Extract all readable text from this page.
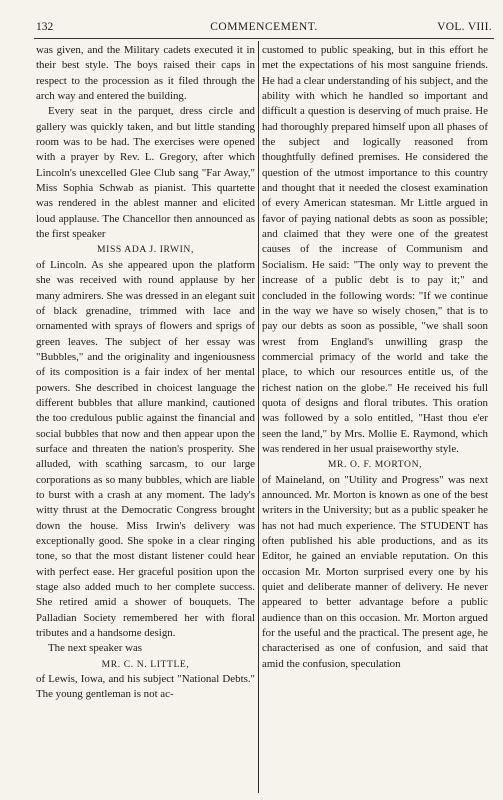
132	COMMENCEMENT.	VOL. VIII.

was given, and the Military cadets executed it in their best style. The boys raised their caps in respect to the procession as it filed through the arch way and entered the building.

Every seat in the parquet, dress circle and gallery was quickly taken, and but little standing room was to be had. The exercises were opened with a prayer by Rev. L. Gregory, after which Lincoln's unexcelled Glee Club sang "Far Away," Miss Sophia Schwab as pianist. This quartette was rendered in the ablest manner and elicited loud applause. The Chancellor then announced as the first speaker

MISS ADA J. IRWIN,

of Lincoln. As she appeared upon the platform she was received with round applause by her many admirers. She was dressed in an elegant suit of black grenadine, trimmed with lace and ornamented with sprays of flowers and sprigs of green leaves. The subject of her essay was "Bubbles," and the originality and ingeniousness of its composition is a fair index of her mental powers. She described in choicest language the different bubbles that allure mankind, cautioned the too credulous public against the financial and social bubbles that now and then appear upon the surface and threaten the nation's prosperity. She alluded, with scathing sarcasm, to our large corporations as so many bubbles, which are liable to burst with a crash at any moment. The lady's witty thrust at the Democratic Congress brought down the house. Miss Irwin's delivery was exceptionally good. She spoke in a clear ringing tone, so that the most distant listener could hear with perfect ease. Her graceful position upon the stage also added much to her complete success. She retired amid a shower of bouquets. The Palladian Society remembered her with floral tributes and a handsome design.

The next speaker was

MR. C. N. LITTLE,

of Lewis, Iowa, and his subject "National Debts." The young gentleman is not ac-

customed to public speaking, but in this effort he met the expectations of his most sanguine friends. He had a clear understanding of his subject, and the ability with which he handled so important and difficult a question is deserving of much praise. He had thoroughly prepared himself upon all phases of the subject and logically reasoned from thoughtfully defined premises. He considered the question of the utmost importance to this country and thought that it needed the closest examination of every American statesman. Mr Little argued in favor of paying national debts as soon as possible; and claimed that they were one of the greatest causes of the increase of Communism and Socialism. He said: "The only way to prevent the increase of a public debt is to pay it;" and concluded in the following words: "If we continue in the way we have so wisely chosen," that is to pay our debts as soon as possible, "we shall soon wrest from England's unwilling grasp the commercial primacy of the world and take the place, to which our resources entitle us, of the richest nation on the globe." He received his full quota of designs and floral tributes. This oration was followed by a solo entitled, "Hast thou e'er seen the land," by Mrs. Mollie E. Raymond, which was rendered in her usual praiseworthy style.

MR. O. F. MORTON,

of Maineland, on "Utility and Progress" was next announced. Mr. Morton is known as one of the best writers in the University; but as a public speaker he has not had much experience. The STUDENT has often published his able productions, and as its Editor, he gained an enviable reputation. On this occasion Mr. Morton surprised every one by his quiet and deliberate manner of delivery. He never appeared to better advantage before a public audience than on this occasion. Mr. Morton argued for the useful and the practical. The present age, he characterised as one of confusion, and said that amid the confusion, speculation
